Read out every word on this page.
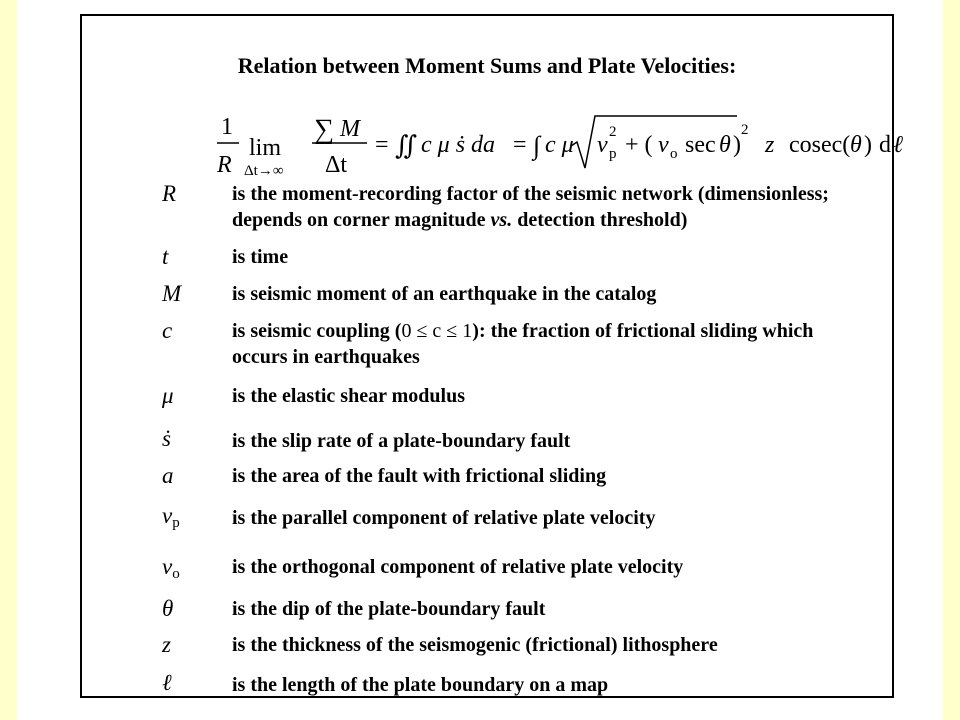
Relation between Moment Sums and Plate Velocities:
1
R
lim
Δt→∞
∑ M
Δt
= ∬ c μ ṡ da = ∫ c μ v p
2 + ( v o sec θ )
2
z cosec( θ ) d ℓ
R	is the moment-recording factor of the seismic network (dimensionless;
depends on corner magnitude vs. detection threshold)
t	is time
M	is seismic moment of an earthquake in the catalog
c	is seismic coupling (0 ≤ c ≤ 1): the fraction of frictional sliding which
occurs in earthquakes
μ	is the elastic shear modulus
ṡ	is the slip rate of a plate-boundary fault
a	is the area of the fault with frictional sliding
$v_p$	is the parallel component of relative plate velocity
$v_o$	is the orthogonal component of relative plate velocity
θ	is the dip of the plate-boundary fault
z	is the thickness of the seismogenic (frictional) lithosphere
ℓ	is the length of the plate boundary on a map
